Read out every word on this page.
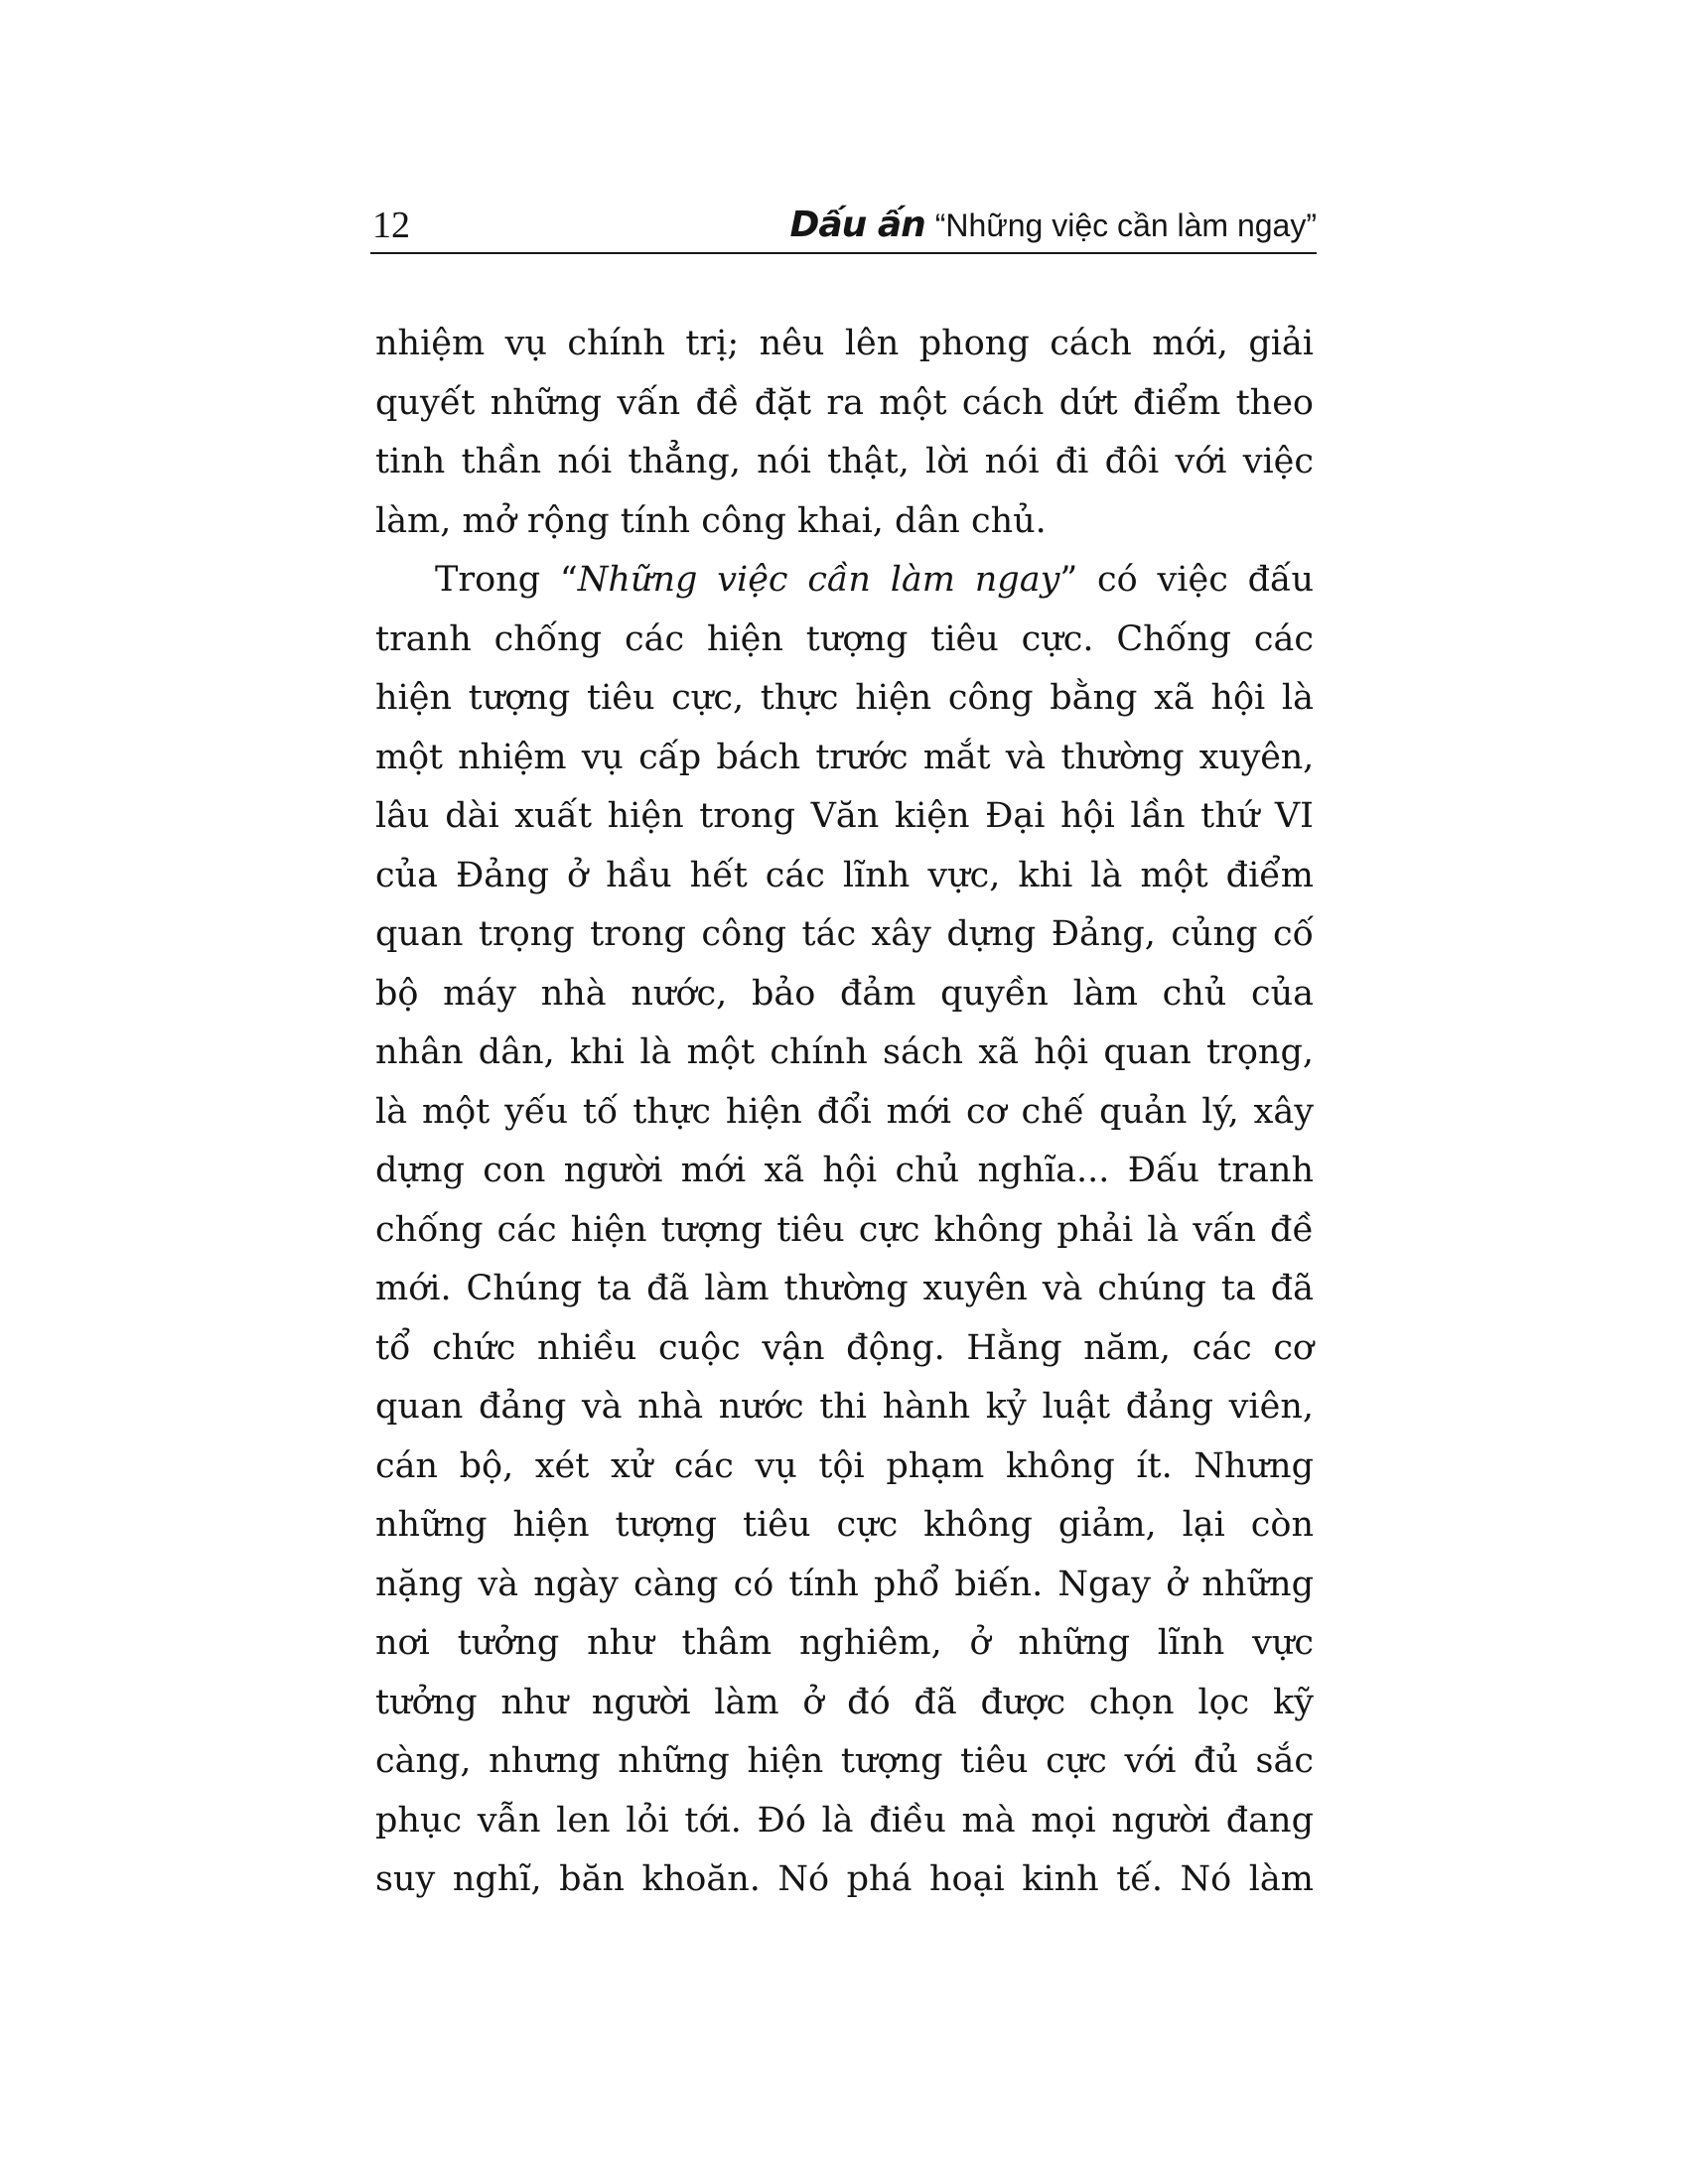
12	Dấu ấn “Những việc cần làm ngay”
nhiệm vụ chính trị; nêu lên phong cách mới, giải
quyết những vấn đề đặt ra một cách dứt điểm theo
tinh thần nói thẳng, nói thật, lời nói đi đôi với việc
làm, mở rộng tính công khai, dân chủ.
Trong “Những việc cần làm ngay” có việc đấu
tranh chống các hiện tượng tiêu cực. Chống các
hiện tượng tiêu cực, thực hiện công bằng xã hội là
một nhiệm vụ cấp bách trước mắt và thường xuyên,
lâu dài xuất hiện trong Văn kiện Đại hội lần thứ VI
của Đảng ở hầu hết các lĩnh vực, khi là một điểm
quan trọng trong công tác xây dựng Đảng, củng cố
bộ máy nhà nước, bảo đảm quyền làm chủ của
nhân dân, khi là một chính sách xã hội quan trọng,
là một yếu tố thực hiện đổi mới cơ chế quản lý, xây
dựng con người mới xã hội chủ nghĩa... Đấu tranh
chống các hiện tượng tiêu cực không phải là vấn đề
mới. Chúng ta đã làm thường xuyên và chúng ta đã
tổ chức nhiều cuộc vận động. Hằng năm, các cơ
quan đảng và nhà nước thi hành kỷ luật đảng viên,
cán bộ, xét xử các vụ tội phạm không ít. Nhưng
những hiện tượng tiêu cực không giảm, lại còn
nặng và ngày càng có tính phổ biến. Ngay ở những
nơi tưởng như thâm nghiêm, ở những lĩnh vực
tưởng như người làm ở đó đã được chọn lọc kỹ
càng, nhưng những hiện tượng tiêu cực với đủ sắc
phục vẫn len lỏi tới. Đó là điều mà mọi người đang
suy nghĩ, băn khoăn. Nó phá hoại kinh tế. Nó làm
